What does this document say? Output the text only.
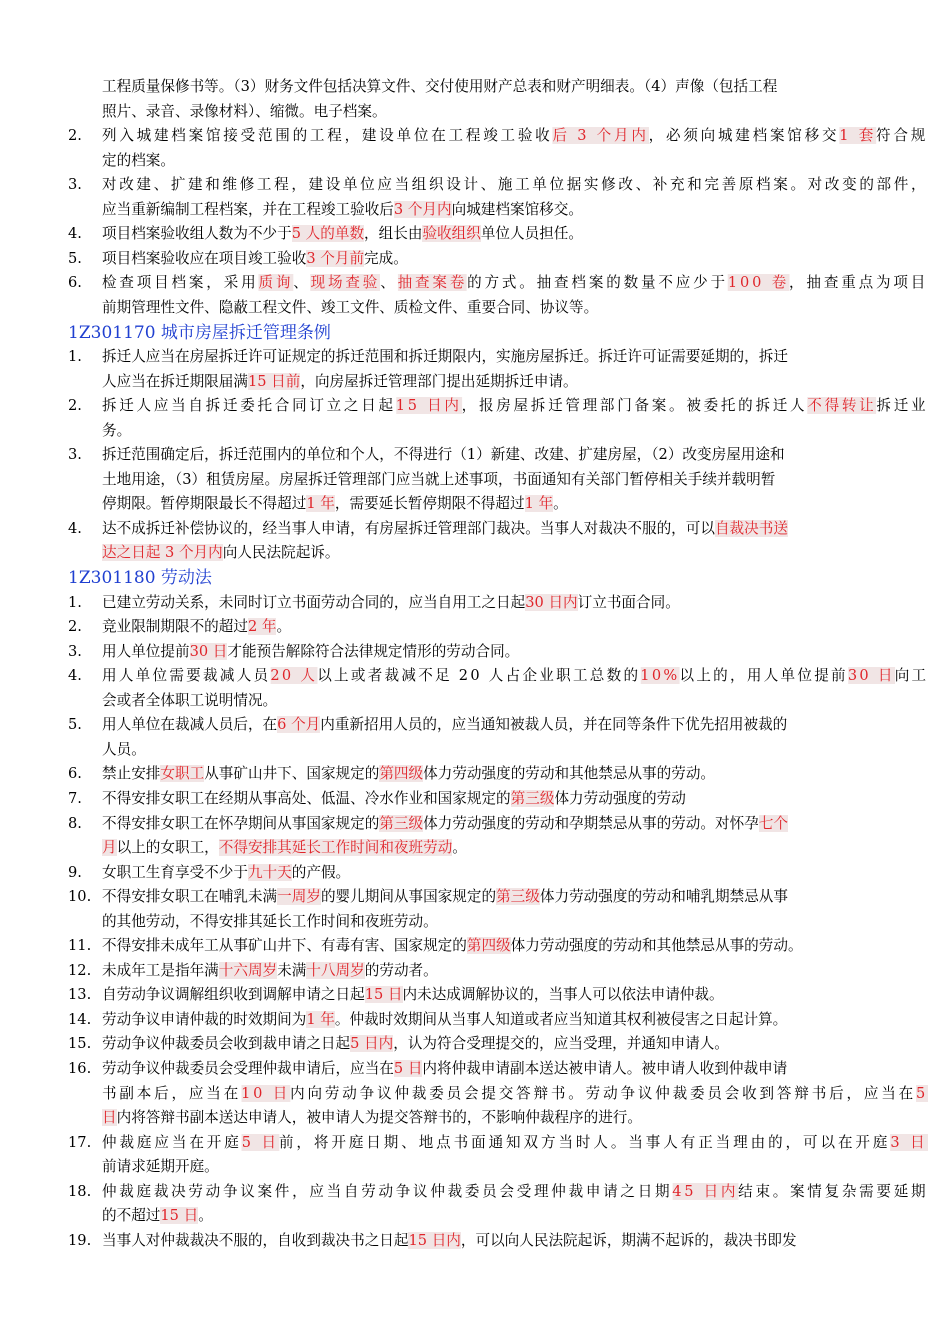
工程质量保修书等。（3）财务文件包括决算文件、交付使用财产总表和财产明细表。（4）声像（包括工程
照片、录音、录像材料）、缩微。电子档案。
2. 列入城建档案馆接受范围的工程，建设单位在工程竣工验收后 3 个月内，必须向城建档案馆移交1 套符合规
定的档案。
3. 对改建、扩建和维修工程，建设单位应当组织设计、施工单位据实修改、补充和完善原档案。对改变的部件，
应当重新编制工程档案，并在工程竣工验收后3 个月内向城建档案馆移交。
4. 项目档案验收组人数为不少于5 人的单数，组长由验收组织单位人员担任。
5. 项目档案验收应在项目竣工验收3 个月前完成。
6. 检查项目档案，采用质询、现场查验、抽查案卷的方式。抽查档案的数量不应少于100 卷，抽查重点为项目
前期管理性文件、隐蔽工程文件、竣工文件、质检文件、重要合同、协议等。
1Z301170 城市房屋拆迁管理条例
1. 拆迁人应当在房屋拆迁许可证规定的拆迁范围和拆迁期限内，实施房屋拆迁。拆迁许可证需要延期的，拆迁
人应当在拆迁期限届满15 日前，向房屋拆迁管理部门提出延期拆迁申请。
2. 拆迁人应当自拆迁委托合同订立之日起15 日内，报房屋拆迁管理部门备案。被委托的拆迁人不得转让拆迁业
务。
3. 拆迁范围确定后，拆迁范围内的单位和个人，不得进行（1）新建、改建、扩建房屋，（2）改变房屋用途和
土地用途，（3）租赁房屋。房屋拆迁管理部门应当就上述事项，书面通知有关部门暂停相关手续并载明暂
停期限。暂停期限最长不得超过1 年，需要延长暂停期限不得超过1 年。
4. 达不成拆迁补偿协议的，经当事人申请，有房屋拆迁管理部门裁决。当事人对裁决不服的，可以自裁决书送
达之日起 3 个月内向人民法院起诉。
1Z301180 劳动法
1. 已建立劳动关系，未同时订立书面劳动合同的，应当自用工之日起30 日内订立书面合同。
2. 竞业限制期限不的超过2 年。
3. 用人单位提前30 日才能预告解除符合法律规定情形的劳动合同。
4. 用人单位需要裁减人员20 人以上或者裁减不足 20 人占企业职工总数的10%以上的，用人单位提前30 日向工
会或者全体职工说明情况。
5. 用人单位在裁减人员后，在6 个月内重新招用人员的，应当通知被裁人员，并在同等条件下优先招用被裁的
人员。
6. 禁止安排女职工从事矿山井下、国家规定的第四级体力劳动强度的劳动和其他禁忌从事的劳动。
7. 不得安排女职工在经期从事高处、低温、冷水作业和国家规定的第三级体力劳动强度的劳动
8. 不得安排女职工在怀孕期间从事国家规定的第三级体力劳动强度的劳动和孕期禁忌从事的劳动。对怀孕七个
月以上的女职工，不得安排其延长工作时间和夜班劳动。
9. 女职工生育享受不少于九十天的产假。
10. 不得安排女职工在哺乳未满一周岁的婴儿期间从事国家规定的第三级体力劳动强度的劳动和哺乳期禁忌从事
的其他劳动，不得安排其延长工作时间和夜班劳动。
11. 不得安排未成年工从事矿山井下、有毒有害、国家规定的第四级体力劳动强度的劳动和其他禁忌从事的劳动。
12. 未成年工是指年满十六周岁未满十八周岁的劳动者。
13. 自劳动争议调解组织收到调解申请之日起15 日内未达成调解协议的，当事人可以依法申请仲裁。
14. 劳动争议申请仲裁的时效期间为1 年。仲裁时效期间从当事人知道或者应当知道其权利被侵害之日起计算。
15. 劳动争议仲裁委员会收到裁申请之日起5 日内，认为符合受理提交的，应当受理，并通知申请人。
16. 劳动争议仲裁委员会受理仲裁申请后，应当在5 日内将仲裁申请副本送达被申请人。被申请人收到仲裁申请
书副本后，应当在10 日内向劳动争议仲裁委员会提交答辩书。劳动争议仲裁委员会收到答辩书后，应当在5
日内将答辩书副本送达申请人，被申请人为提交答辩书的，不影响仲裁程序的进行。
17. 仲裁庭应当在开庭5 日前，将开庭日期、地点书面通知双方当时人。当事人有正当理由的，可以在开庭3 日
前请求延期开庭。
18. 仲裁庭裁决劳动争议案件，应当自劳动争议仲裁委员会受理仲裁申请之日期45 日内结束。案情复杂需要延期
的不超过15 日。
19. 当事人对仲裁裁决不服的，自收到裁决书之日起15 日内，可以向人民法院起诉，期满不起诉的，裁决书即发
